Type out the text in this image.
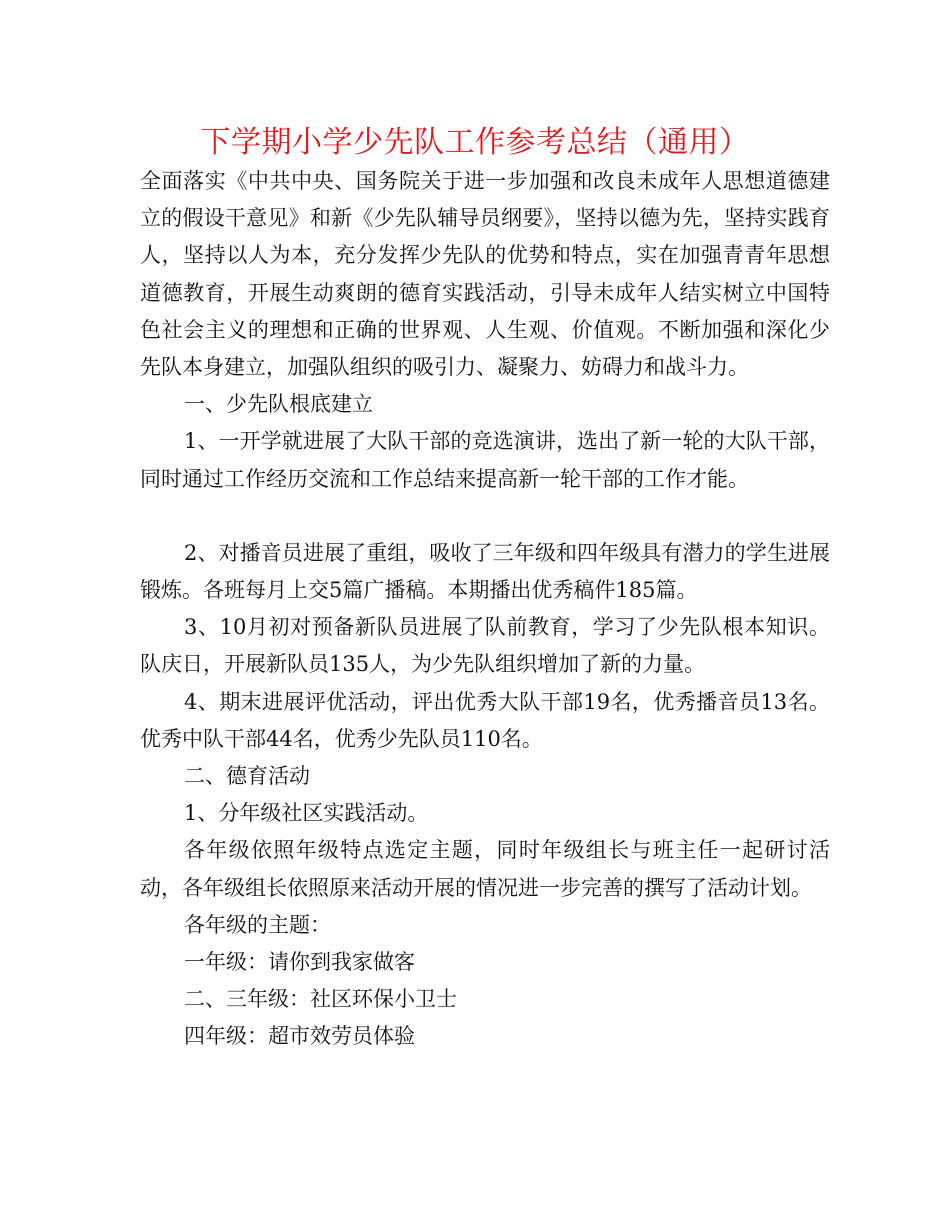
下学期小学少先队工作参考总结（通用）

全面落实《中共中央、国务院关于进一步加强和改良未成年人思想道德建立的假设干意见》和新《少先队辅导员纲要》，坚持以德为先，坚持实践育人，坚持以人为本，充分发挥少先队的优势和特点，实在加强青青年思想道德教育，开展生动爽朗的德育实践活动，引导未成年人结实树立中国特色社会主义的理想和正确的世界观、人生观、价值观。不断加强和深化少先队本身建立，加强队组织的吸引力、凝聚力、妨碍力和战斗力。

一、少先队根底建立

1、一开学就进展了大队干部的竞选演讲，选出了新一轮的大队干部，同时通过工作经历交流和工作总结来提高新一轮干部的工作才能。

2、对播音员进展了重组，吸收了三年级和四年级具有潜力的学生进展锻炼。各班每月上交5篇广播稿。本期播出优秀稿件185篇。

3、10月初对预备新队员进展了队前教育，学习了少先队根本知识。队庆日，开展新队员135人，为少先队组织增加了新的力量。

4、期末进展评优活动，评出优秀大队干部19名，优秀播音员13名。优秀中队干部44名，优秀少先队员110名。

二、德育活动

1、分年级社区实践活动。

各年级依照年级特点选定主题，同时年级组长与班主任一起研讨活动，各年级组长依照原来活动开展的情况进一步完善的撰写了活动计划。

各年级的主题：

一年级：请你到我家做客

二、三年级：社区环保小卫士

四年级：超市效劳员体验
